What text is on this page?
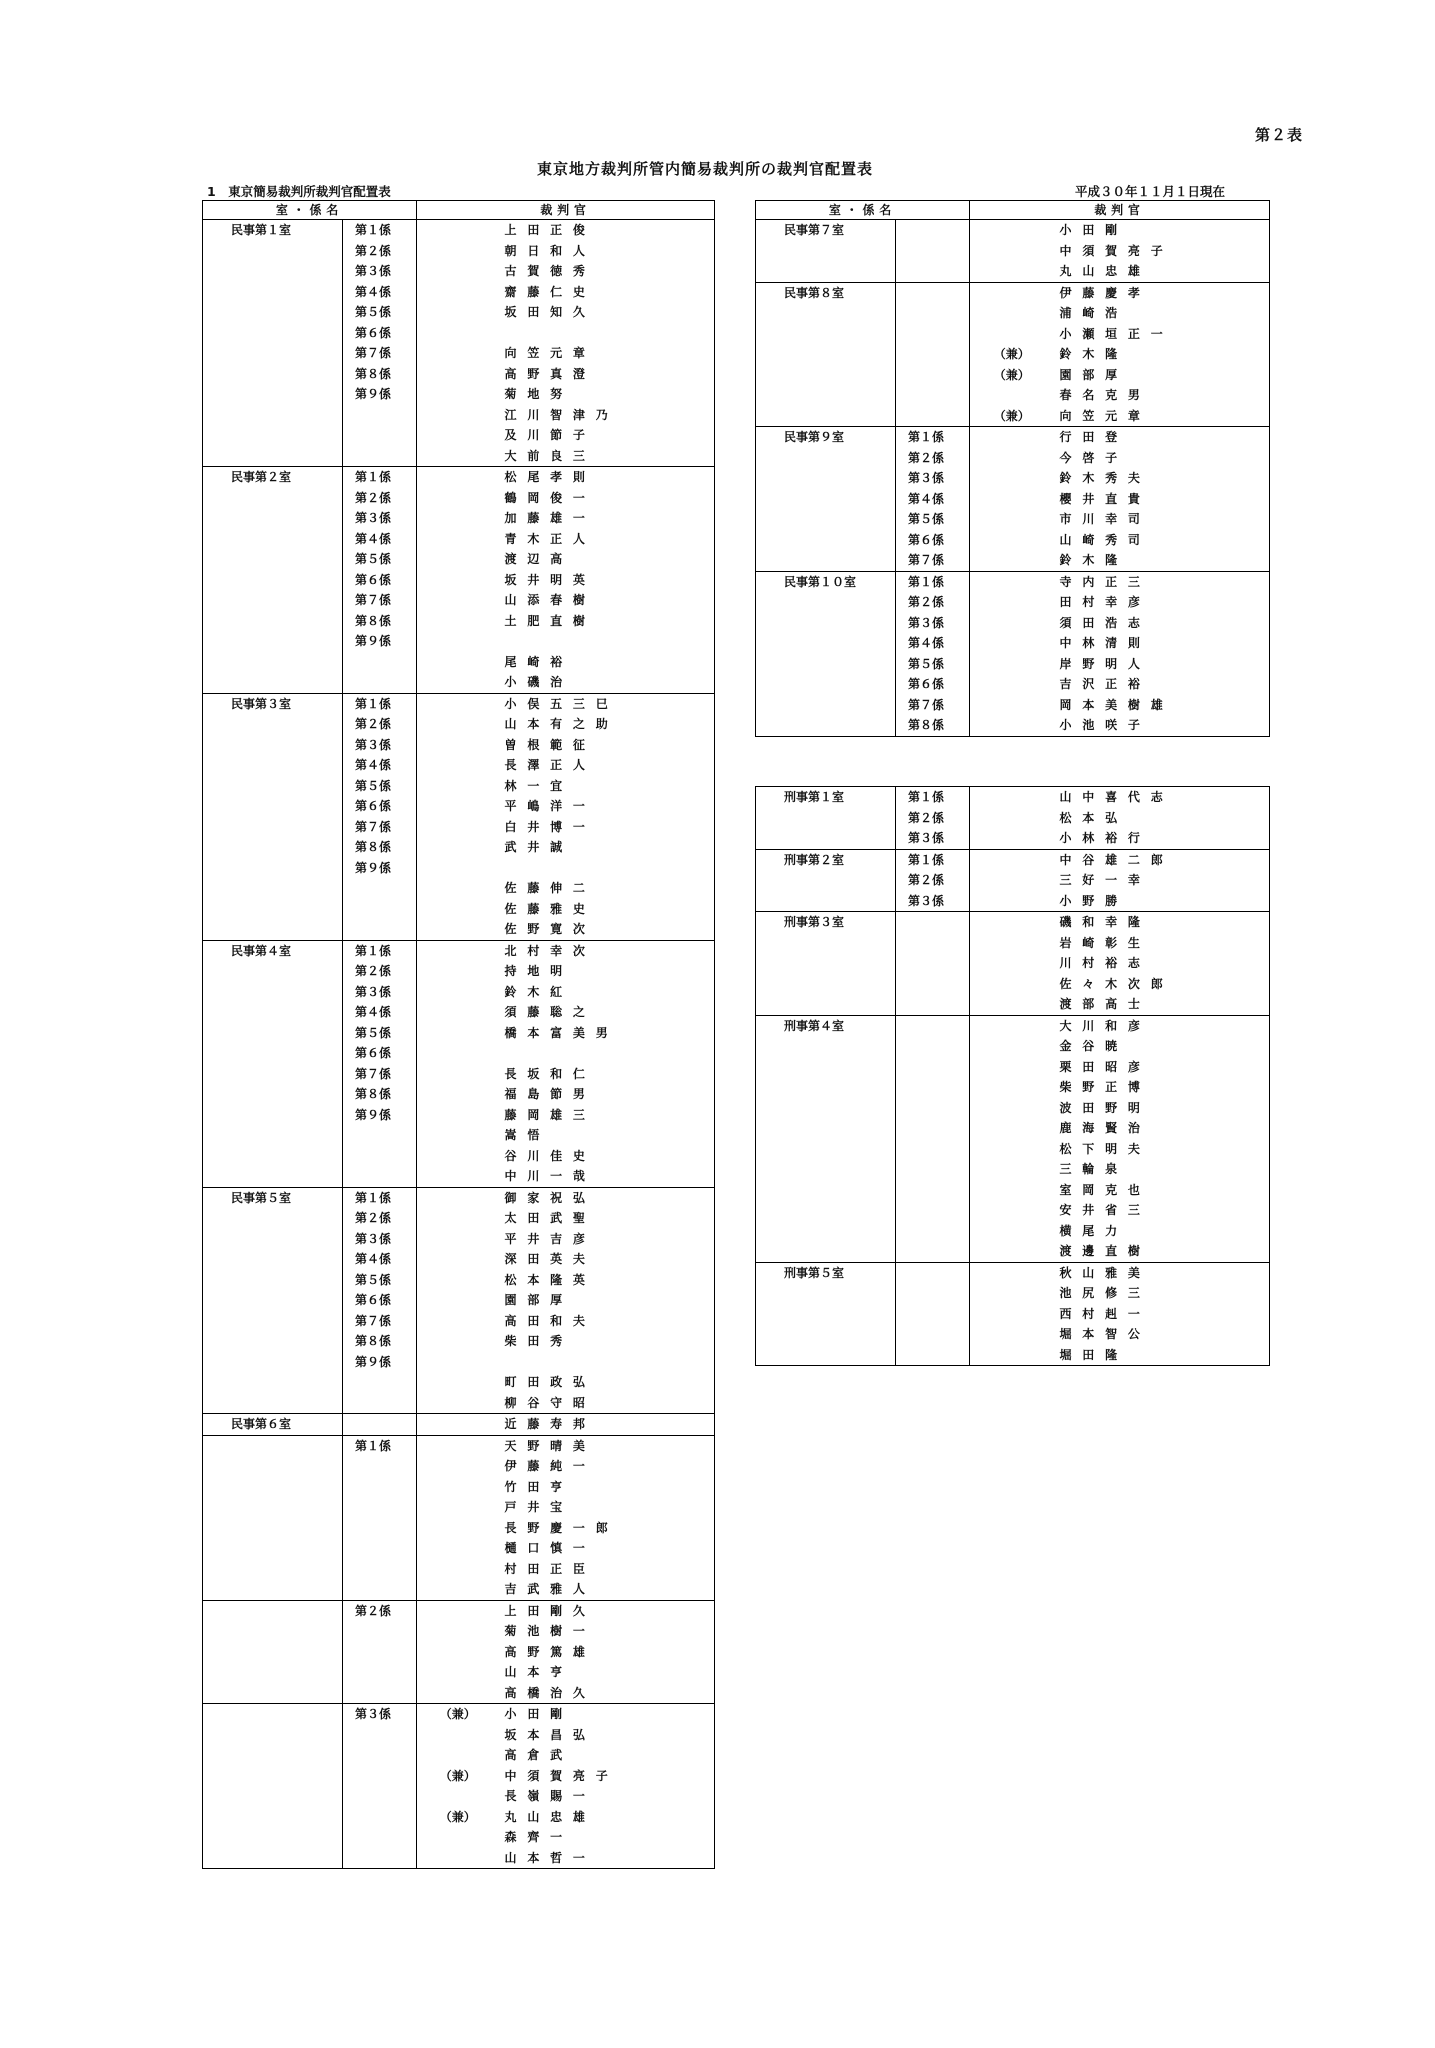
第２表
東京地方裁判所管内簡易裁判所の裁判官配置表
1　東京簡易裁判所裁判官配置表	平成３０年１１月１日現在
室・係名		裁判官	
民事第１室	第１係		上田正俊
	第２係		朝日和人
	第３係		古賀徳秀
	第４係		齋藤仁史
	第５係		坂田知久
	第６係		
	第７係		向笠元章
	第８係		高野真澄
	第９係		菊地努
			江川智津乃
			及川節子
			大前良三
民事第２室	第１係		松尾孝則
	第２係		鶴岡俊一
	第３係		加藤雄一
	第４係		青木正人
	第５係		渡辺高
	第６係		坂井明英
	第７係		山添春樹
	第８係		土肥直樹
	第９係		
			尾崎裕
			小磯治
民事第３室	第１係		小俣五三巳
	第２係		山本有之助
	第３係		曽根範征
	第４係		長澤正人
	第５係		林一宜
	第６係		平嶋洋一
	第７係		白井博一
	第８係		武井誠
	第９係		
			佐藤伸二
			佐藤雅史
			佐野寛次
民事第４室	第１係		北村幸次
	第２係		持地明
	第３係		鈴木紅
	第４係		須藤聡之
	第５係		橋本富美男
	第６係		
	第７係		長坂和仁
	第８係		福島節男
	第９係		藤岡雄三
			嵩悟
			谷川佳史
			中川一哉
民事第５室	第１係		御家祝弘
	第２係		太田武聖
	第３係		平井吉彦
	第４係		深田英夫
	第５係		松本隆英
	第６係		園部厚
	第７係		高田和夫
	第８係		柴田秀
	第９係		
			町田政弘
			柳谷守昭
民事第６室			近藤寿邦
	第１係		天野晴美
			伊藤純一
			竹田亨
			戸井宝
			長野慶一郎
			樋口慎一
			村田正臣
			吉武雅人
	第２係		上田剛久
			菊池樹一
			高野篤雄
			山本亨
			高橋治久
	第３係	（兼）	小田剛
			坂本昌弘
			高倉武
		（兼）	中須賀亮子
			長嶺賜一
		（兼）	丸山忠雄
			森齊一
			山本哲一
室・係名		裁判官	
民事第７室			小田剛
			中須賀亮子
			丸山忠雄
民事第８室			伊藤慶孝
			浦崎浩
			小瀬垣正一
		（兼）	鈴木隆
		（兼）	園部厚
			春名克男
		（兼）	向笠元章
民事第９室	第１係		行田登
	第２係		今啓子
	第３係		鈴木秀夫
	第４係		櫻井直貴
	第５係		市川幸司
	第６係		山崎秀司
	第７係		鈴木隆
民事第１０室	第１係		寺内正三
	第２係		田村幸彦
	第３係		須田浩志
	第４係		中林清則
	第５係		岸野明人
	第６係		吉沢正裕
	第７係		岡本美樹雄
	第８係		小池咲子
刑事第１室	第１係		山中喜代志
	第２係		松本弘
	第３係		小林裕行
刑事第２室	第１係		中谷雄二郎
	第２係		三好一幸
	第３係		小野勝
刑事第３室			磯和幸隆
			岩崎彰生
			川村裕志
			佐々木次郎
			渡部高士
刑事第４室			大川和彦
			金谷暁
			栗田昭彦
			柴野正博
			波田野明
			鹿海賢治
			松下明夫
			三輪泉
			室岡克也
			安井省三
			横尾力
			渡邊直樹
刑事第５室			秋山雅美
			池尻修三
			西村赳一
			堀本智公
			堀田隆
